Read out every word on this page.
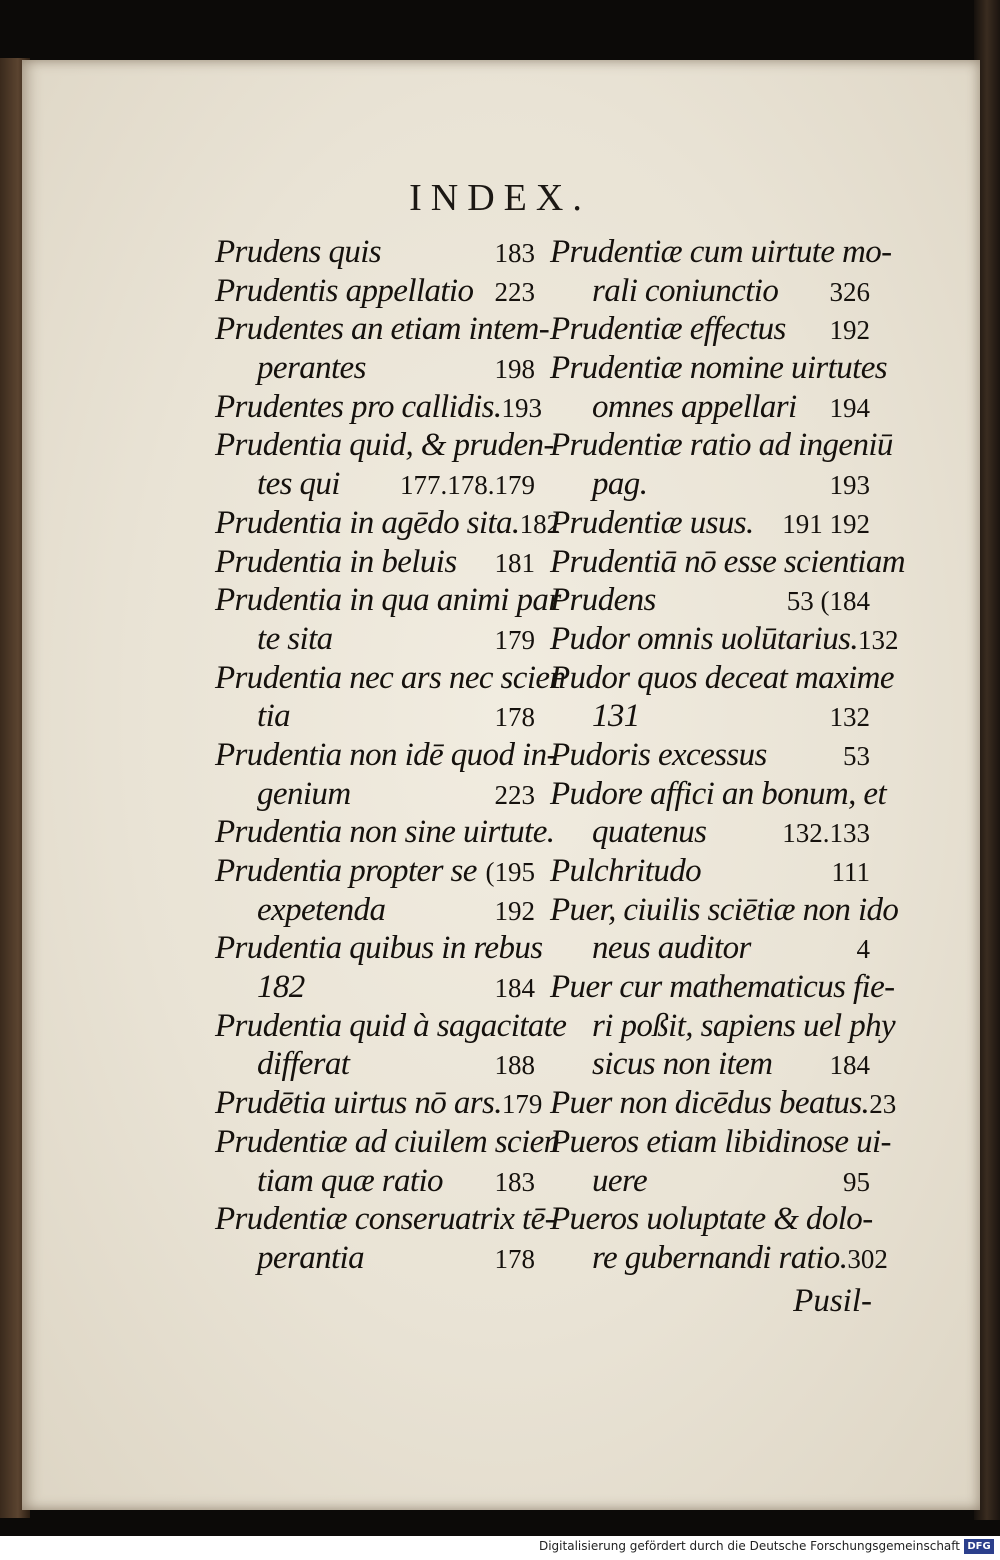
INDEX.
Prudens quis	183
Prudentis appellatio 223
Prudentes an etiam intem-
perantes	198
Prudentes pro callidis. 193
Prudentia quid, & pruden-
tes qui 177.178.179
Prudentia in agēdo sita. 182
Prudentia in beluis 181
Prudentia in qua animi par
te sita	179
Prudentia nec ars nec scien
tia	178
Prudentia non idē quod in-
genium	223
Prudentia non sine uirtute.
Prudentia propter se (195
expetenda	192
Prudentia quibus in rebus
182	184
Prudentia quid à sagacitate
differat	188
Prudētia uirtus nō ars. 179
Prudentiæ ad ciuilem scien
tiam quæ ratio 183
Prudentiæ conseruatrix tē-
perantia	178
Prudentiæ cum uirtute mo-
rali coniunctio 326
Prudentiæ effectus 192
Prudentiæ nomine uirtutes
omnes appellari 194
Prudentiæ ratio ad ingeniū
pag.	193
Prudentiæ usus. 191 192
Prudentiā nō esse scientiam
Prudens	53 (184
Pudor omnis uolūtarius. 132
Pudor quos deceat maxime
131	132
Pudoris excessus	53
Pudore affici an bonum, et
quatenus	132.133
Pulchritudo	111
Puer, ciuilis sciētiæ non ido
neus auditor	4
Puer cur mathematicus fie-
ri poßit, sapiens uel phy
sicus non item 184
Puer non dicēdus beatus. 23
Pueros etiam libidinose ui-
uere	95
Pueros uoluptate & dolo-
re gubernandi ratio. 302
Pusil-
Digitalisierung gefördert durch die Deutsche Forschungsgemeinschaft DFG
